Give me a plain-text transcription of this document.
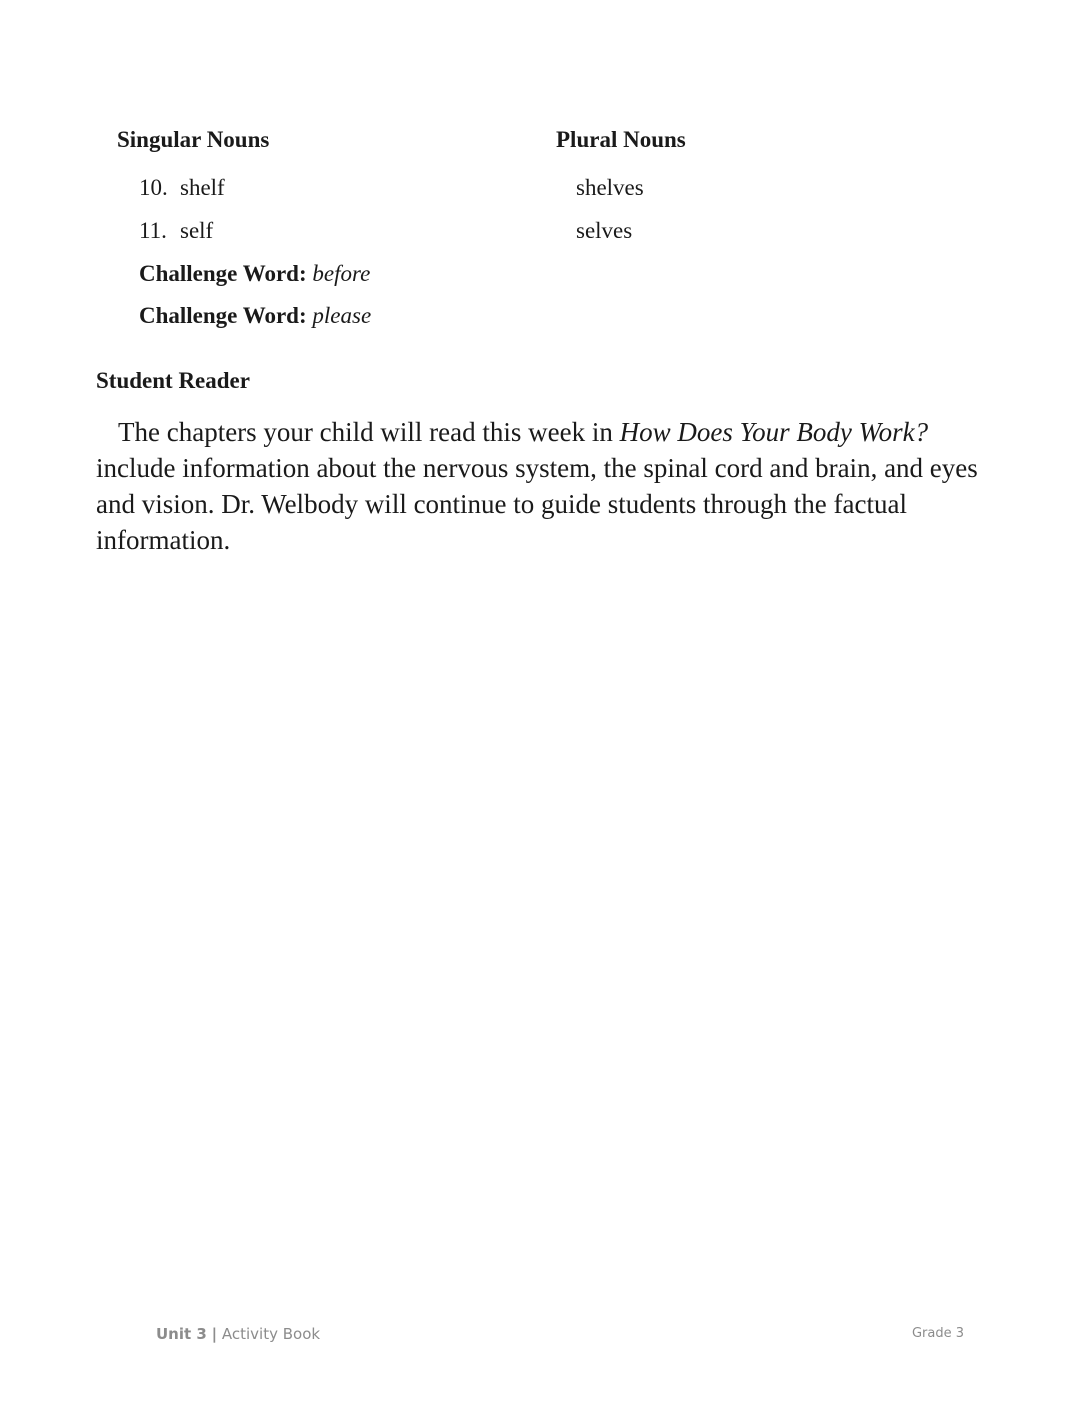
Singular Nouns	Plural Nouns
10. shelf	shelves
11. self	selves
Challenge Word: before
Challenge Word: please
Student Reader

The chapters your child will read this week in How Does Your Body Work? include information about the nervous system, the spinal cord and brain, and eyes and vision. Dr. Welbody will continue to guide students through the factual information.

Unit 3 | Activity Book	Grade 3
